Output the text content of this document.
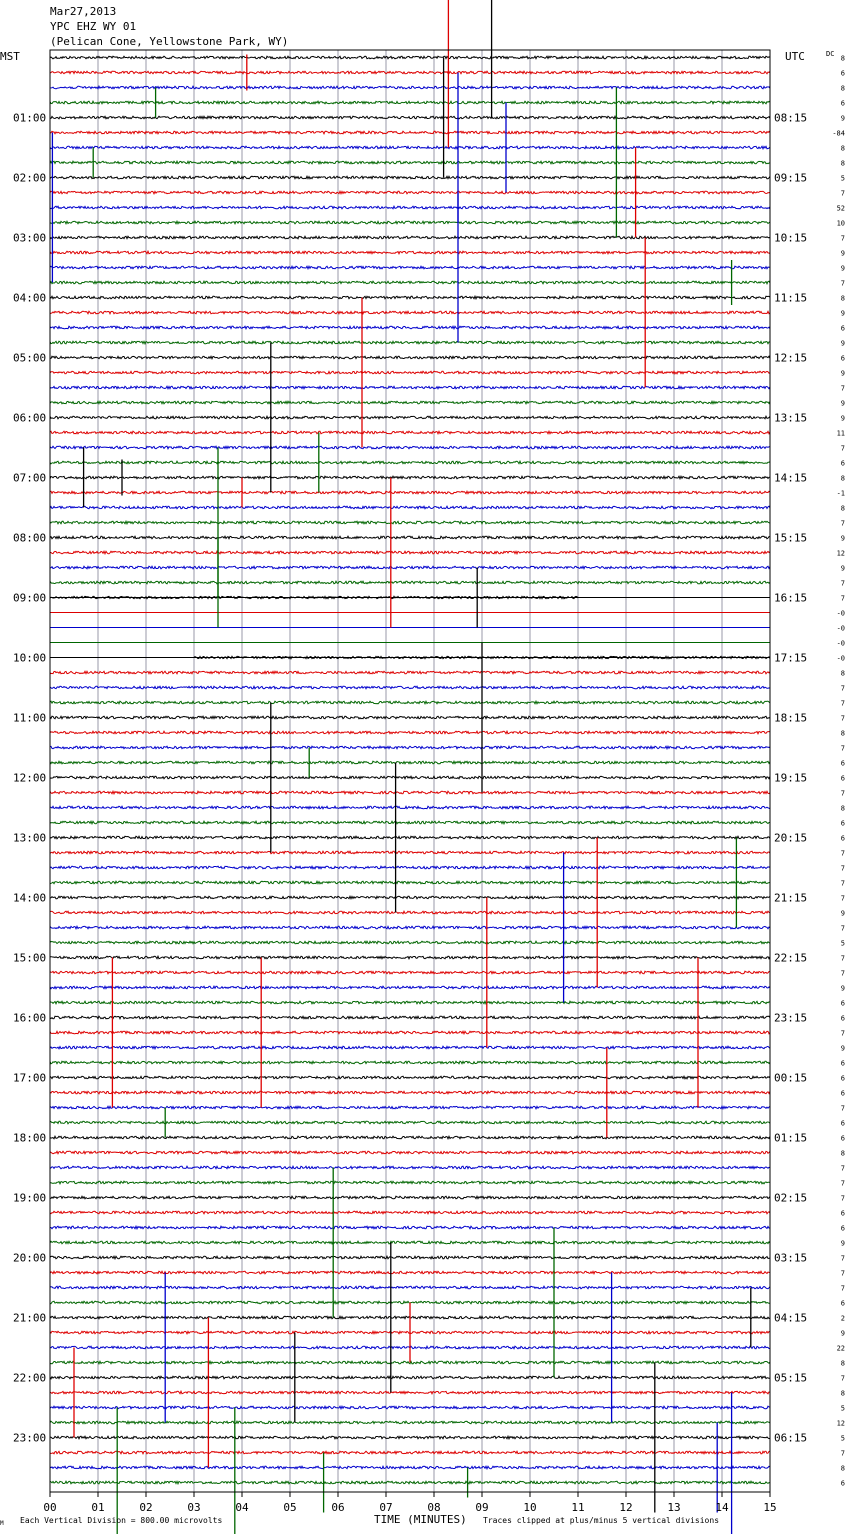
Mar27,2013
YPC EHZ WY 01
(Pelican Cone, Yellowstone Park, WY)
MST	UTC	DC
01:00
02:00
03:00
04:00
05:00
06:00
07:00
08:00
09:00
10:00
11:00
12:00
13:00
14:00
15:00
16:00
17:00
18:00
19:00
20:00
21:00
22:00
23:00
08:15
09:15
10:15
11:15
12:15
13:15
14:15
15:15
16:15
17:15
18:15
19:15
20:15
21:15
22:15
23:15
00:15
01:15
02:15
03:15
04:15
05:15
06:15
8
6
8
6
9
-84
8
8
5
7
52
10
7
9
9
7
8
9
6
9
6
9
7
9
9
11
7
6
8
-1
8
7
9
12
9
7
7
-0
-0
-0
-0
8
7
7
7
8
7
6
6
7
8
6
6
7
7
7
7
9
7
5
7
7
9
6
6
7
9
6
6
6
7
6
6
8
7
7
7
6
6
9
7
7
7
6
2
9
22
8
7
8
5
12
5
7
8
6
00	01	02	03	04	05	06	07	08	09	10	11	12	13	14	15
M Each Vertical Division = 800.00 microvolts	TIME (MINUTES) Traces clipped at plus/minus 5 vertical divisions
